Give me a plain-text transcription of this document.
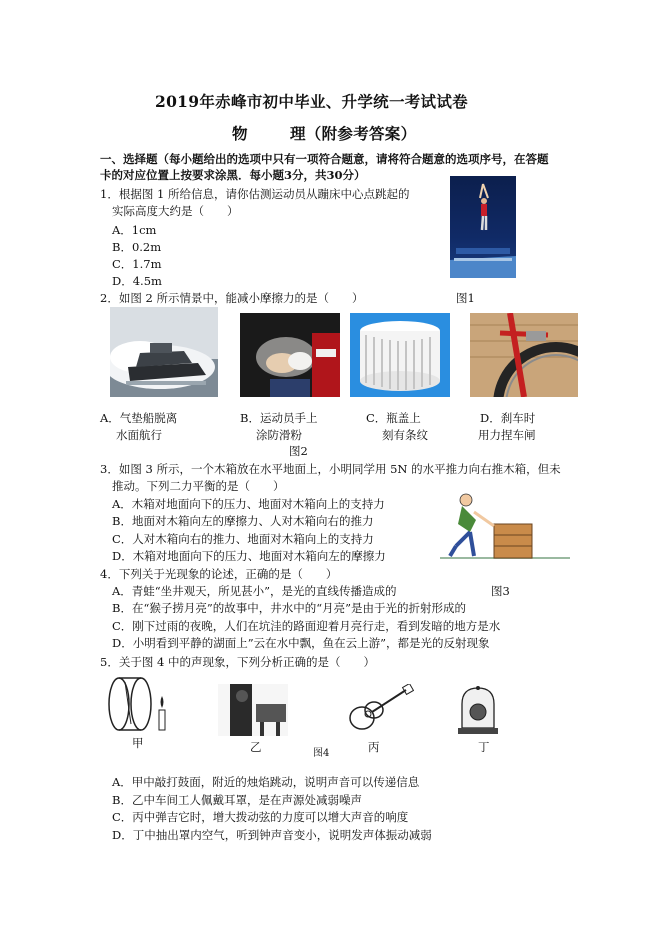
2019年赤峰市初中毕业、升学统一考试试卷
物	理（附参考答案）
一、选择题（每小题给出的选项中只有一项符合题意，请将符合题意的选项序号，在答题
卡的对应位置上按要求涂黑．每小题3分，共30分）
1．根据图 1 所给信息，请你估测运动员从蹦床中心点跳起的
实际高度大约是（　　）
A．1cm
B．0.2m
C．1.7m
D．4.5m
图1
2．如图 2 所示情景中，能减小摩擦力的是（　　）
A．气垫船脱离
水面航行
B．运动员手上
涂防滑粉
C．瓶盖上
刻有条纹
D．刹车时
用力捏车闸
图2
3．如图 3 所示，一个木箱放在水平地面上，小明同学用 5N 的水平推力向右推木箱，但未
推动。下列二力平衡的是（　　）
A．木箱对地面向下的压力、地面对木箱向上的支持力
B．地面对木箱向左的摩擦力、人对木箱向右的推力
C．人对木箱向右的推力、地面对木箱向上的支持力
D．木箱对地面向下的压力、地面对木箱向左的摩擦力
4．下列关于光现象的论述，正确的是（　　）
图3
A．青蛙“坐井观天，所见甚小”，是光的直线传播造成的
B．在“猴子捞月亮”的故事中，井水中的“月亮”是由于光的折射形成的
C．刚下过雨的夜晚，人们在坑洼的路面迎着月亮行走，看到发暗的地方是水
D．小明看到平静的湖面上”云在水中飘，鱼在云上游”，都是光的反射现象
5．关于图 4 中的声现象，下列分析正确的是（　　）
甲	乙	图4	丙	丁
A．甲中敲打鼓面，附近的烛焰跳动，说明声音可以传递信息
B．乙中车间工人佩戴耳罩，是在声源处减弱噪声
C．丙中弹吉它时，增大拨动弦的力度可以增大声音的响度
D．丁中抽出罩内空气，听到钟声音变小，说明发声体振动减弱
